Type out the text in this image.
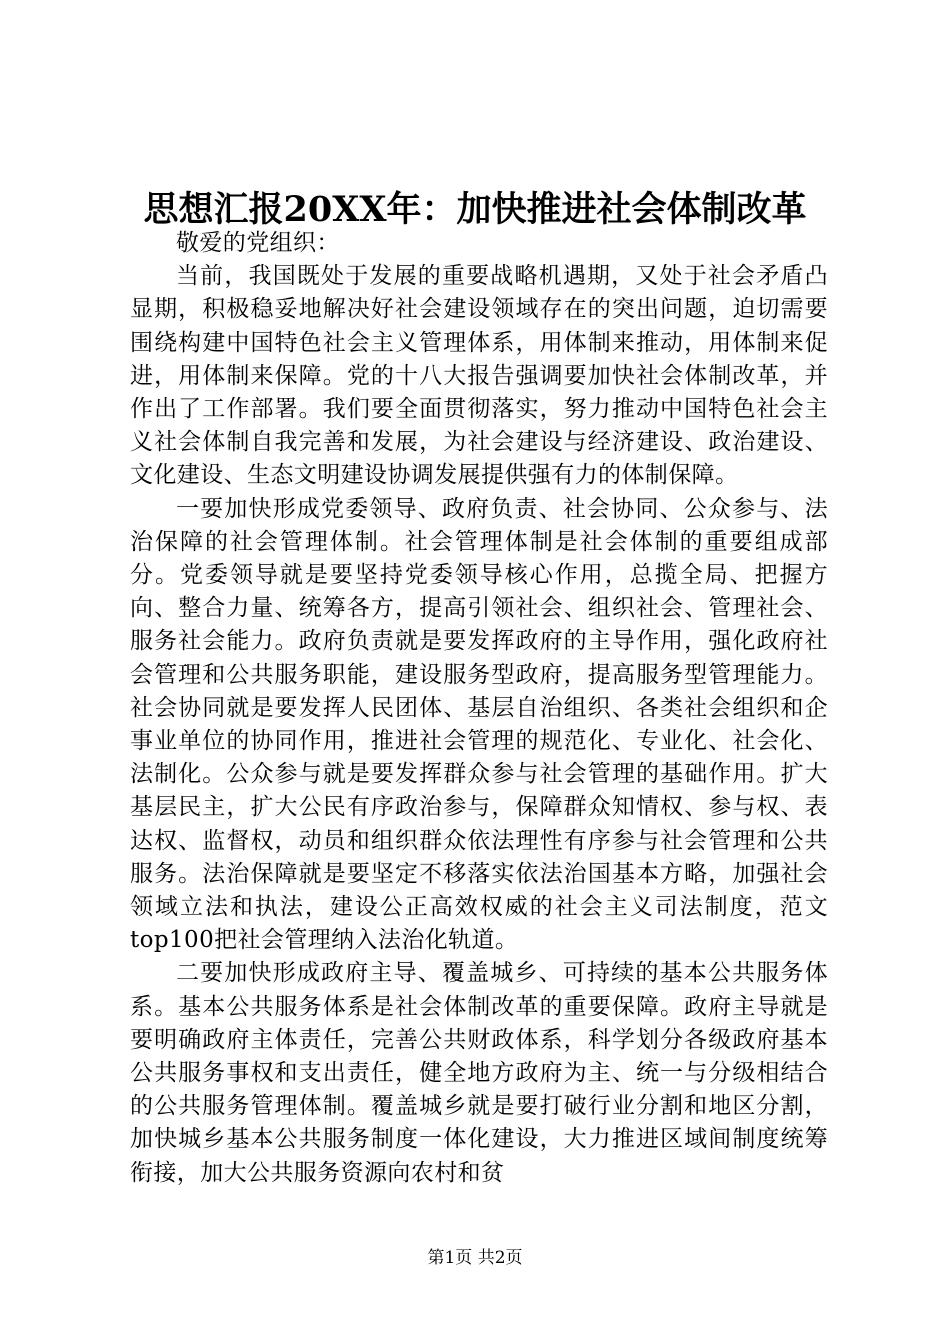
思想汇报20XX年：加快推进社会体制改革

敬爱的党组织：

当前，我国既处于发展的重要战略机遇期，又处于社会矛盾凸显期，积极稳妥地解决好社会建设领域存在的突出问题，迫切需要围绕构建中国特色社会主义管理体系，用体制来推动，用体制来促进，用体制来保障。党的十八大报告强调要加快社会体制改革，并作出了工作部署。我们要全面贯彻落实，努力推动中国特色社会主义社会体制自我完善和发展，为社会建设与经济建设、政治建设、文化建设、生态文明建设协调发展提供强有力的体制保障。

一要加快形成党委领导、政府负责、社会协同、公众参与、法治保障的社会管理体制。社会管理体制是社会体制的重要组成部分。党委领导就是要坚持党委领导核心作用，总揽全局、把握方向、整合力量、统筹各方，提高引领社会、组织社会、管理社会、服务社会能力。政府负责就是要发挥政府的主导作用，强化政府社会管理和公共服务职能，建设服务型政府，提高服务型管理能力。社会协同就是要发挥人民团体、基层自治组织、各类社会组织和企事业单位的协同作用，推进社会管理的规范化、专业化、社会化、法制化。公众参与就是要发挥群众参与社会管理的基础作用。扩大基层民主，扩大公民有序政治参与，保障群众知情权、参与权、表达权、监督权，动员和组织群众依法理性有序参与社会管理和公共服务。法治保障就是要坚定不移落实依法治国基本方略，加强社会领域立法和执法，建设公正高效权威的社会主义司法制度，范文top100把社会管理纳入法治化轨道。

二要加快形成政府主导、覆盖城乡、可持续的基本公共服务体系。基本公共服务体系是社会体制改革的重要保障。政府主导就是要明确政府主体责任，完善公共财政体系，科学划分各级政府基本公共服务事权和支出责任，健全地方政府为主、统一与分级相结合的公共服务管理体制。覆盖城乡就是要打破行业分割和地区分割，加快城乡基本公共服务制度一体化建设，大力推进区域间制度统筹衔接，加大公共服务资源向农村和贫

第1页 共2页
